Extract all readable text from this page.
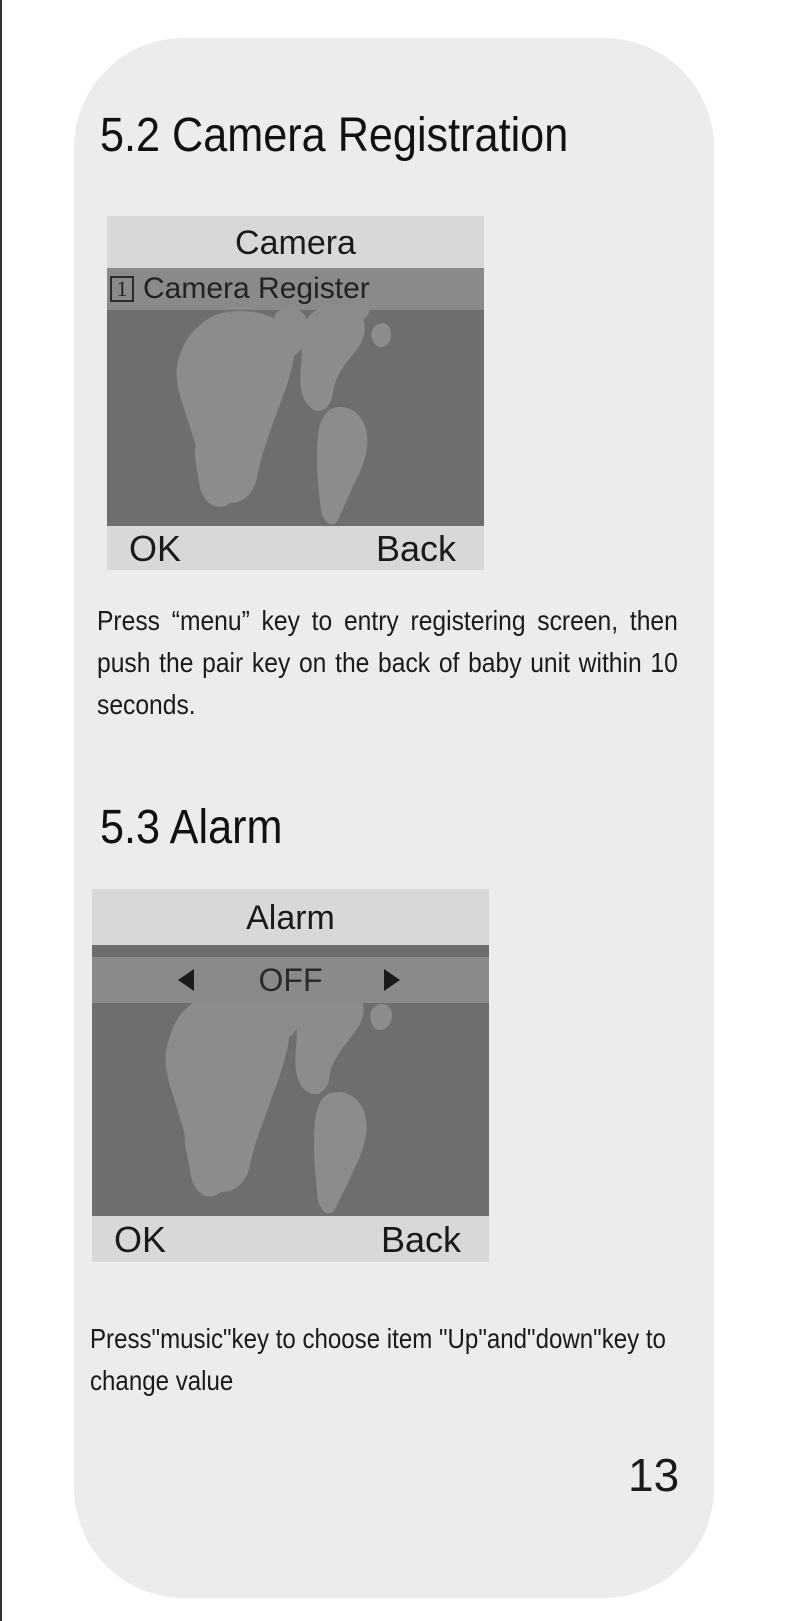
5.2 Camera Registration
Camera
1 Camera Register
OK	Back

Press “menu” key to entry registering screen, then push the pair key on the back of baby unit within 10 seconds.

5.3 Alarm
Alarm
OFF
OK	Back

Press"music"key to choose item "Up"and"down"key to change value

13
